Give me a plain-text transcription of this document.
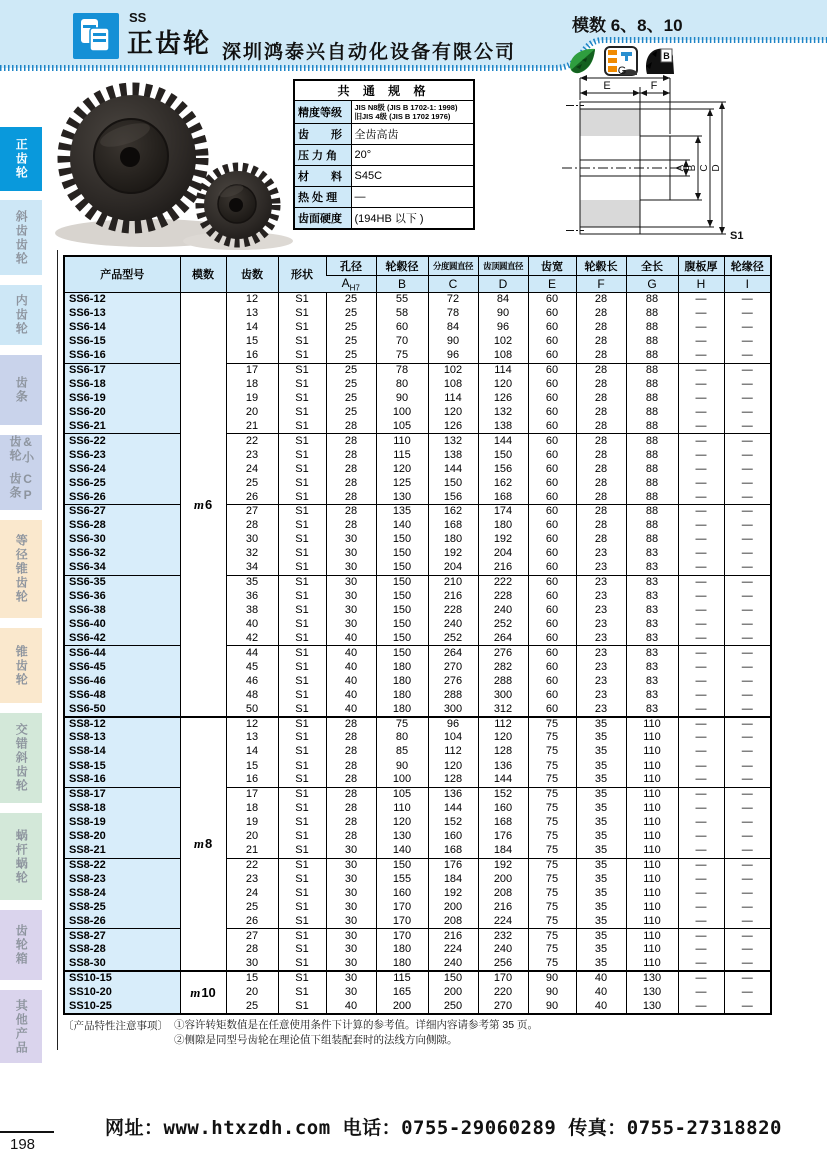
SS
正齿轮 深圳鸿泰兴自动化设备有限公司
模数 6、8、10
B
正齿轮
斜齿齿轮
内齿轮
齿条
CP齿条
&小齿轮
等径锥齿轮
锥齿轮
交错斜齿轮
蜗杆蜗轮
齿轮箱
其他产品
共 通 规 格	
精度等级	JIS N8级 (JIS B 1702-1: 1998)
旧JIS 4级 (JIS B 1702 1976)

齿　　形	全齿高齿
压 力 角	20°
材　　料	S45C
热 处 理	—
齿面硬度	(194HB 以下 )
G
E	F
A B C D
S1
产品型号	模数	齿数	形状	孔径	轮毂径	分度圆直径	齿顶圆直径	齿宽	轮毂长	全长	腹板厚	轮缘径
				$A_{H7}$	B	C	D	E	F	G	H	I
SS6-12	m6	12	S1	25	55	72	84	60	28	88	—	—
SS6-13		13	S1	25	58	78	90	60	28	88	—	—
SS6-14		14	S1	25	60	84	96	60	28	88	—	—
SS6-15		15	S1	25	70	90	102	60	28	88	—	—
SS6-16		16	S1	25	75	96	108	60	28	88	—	—
SS6-17		17	S1	25	78	102	114	60	28	88	—	—
SS6-18		18	S1	25	80	108	120	60	28	88	—	—
SS6-19		19	S1	25	90	114	126	60	28	88	—	—
SS6-20		20	S1	25	100	120	132	60	28	88	—	—
SS6-21		21	S1	28	105	126	138	60	28	88	—	—
SS6-22		22	S1	28	110	132	144	60	28	88	—	—
SS6-23		23	S1	28	115	138	150	60	28	88	—	—
SS6-24		24	S1	28	120	144	156	60	28	88	—	—
SS6-25		25	S1	28	125	150	162	60	28	88	—	—
SS6-26		26	S1	28	130	156	168	60	28	88	—	—
SS6-27		27	S1	28	135	162	174	60	28	88	—	—
SS6-28		28	S1	28	140	168	180	60	28	88	—	—
SS6-30		30	S1	30	150	180	192	60	28	88	—	—
SS6-32		32	S1	30	150	192	204	60	23	83	—	—
SS6-34		34	S1	30	150	204	216	60	23	83	—	—
SS6-35		35	S1	30	150	210	222	60	23	83	—	—
SS6-36		36	S1	30	150	216	228	60	23	83	—	—
SS6-38		38	S1	30	150	228	240	60	23	83	—	—
SS6-40		40	S1	30	150	240	252	60	23	83	—	—
SS6-42		42	S1	40	150	252	264	60	23	83	—	—
SS6-44		44	S1	40	150	264	276	60	23	83	—	—
SS6-45		45	S1	40	180	270	282	60	23	83	—	—
SS6-46		46	S1	40	180	276	288	60	23	83	—	—
SS6-48		48	S1	40	180	288	300	60	23	83	—	—
SS6-50		50	S1	40	180	300	312	60	23	83	—	—
SS8-12	m8	12	S1	28	75	96	112	75	35	110	—	—
SS8-13		13	S1	28	80	104	120	75	35	110	—	—
SS8-14		14	S1	28	85	112	128	75	35	110	—	—
SS8-15		15	S1	28	90	120	136	75	35	110	—	—
SS8-16		16	S1	28	100	128	144	75	35	110	—	—
SS8-17		17	S1	28	105	136	152	75	35	110	—	—
SS8-18		18	S1	28	110	144	160	75	35	110	—	—
SS8-19		19	S1	28	120	152	168	75	35	110	—	—
SS8-20		20	S1	28	130	160	176	75	35	110	—	—
SS8-21		21	S1	30	140	168	184	75	35	110	—	—
SS8-22		22	S1	30	150	176	192	75	35	110	—	—
SS8-23		23	S1	30	155	184	200	75	35	110	—	—
SS8-24		24	S1	30	160	192	208	75	35	110	—	—
SS8-25		25	S1	30	170	200	216	75	35	110	—	—
SS8-26		26	S1	30	170	208	224	75	35	110	—	—
SS8-27		27	S1	30	170	216	232	75	35	110	—	—
SS8-28		28	S1	30	180	224	240	75	35	110	—	—
SS8-30		30	S1	30	180	240	256	75	35	110	—	—
SS10-15	m10	15	S1	30	115	150	170	90	40	130	—	—
SS10-20		20	S1	30	165	200	220	90	40	130	—	—
SS10-25		25	S1	40	200	250	270	90	40	130	—	—
〔产品特性注意事项〕 ①容许转矩数值是在任意使用条件下计算的参考值。详细内容请参考第 35 页。
②侧隙是同型号齿轮在理论值下组装配套时的法线方向侧隙。
198
网址：www.htxzdh.com 电话：0755-29060289 传真：0755-27318820
